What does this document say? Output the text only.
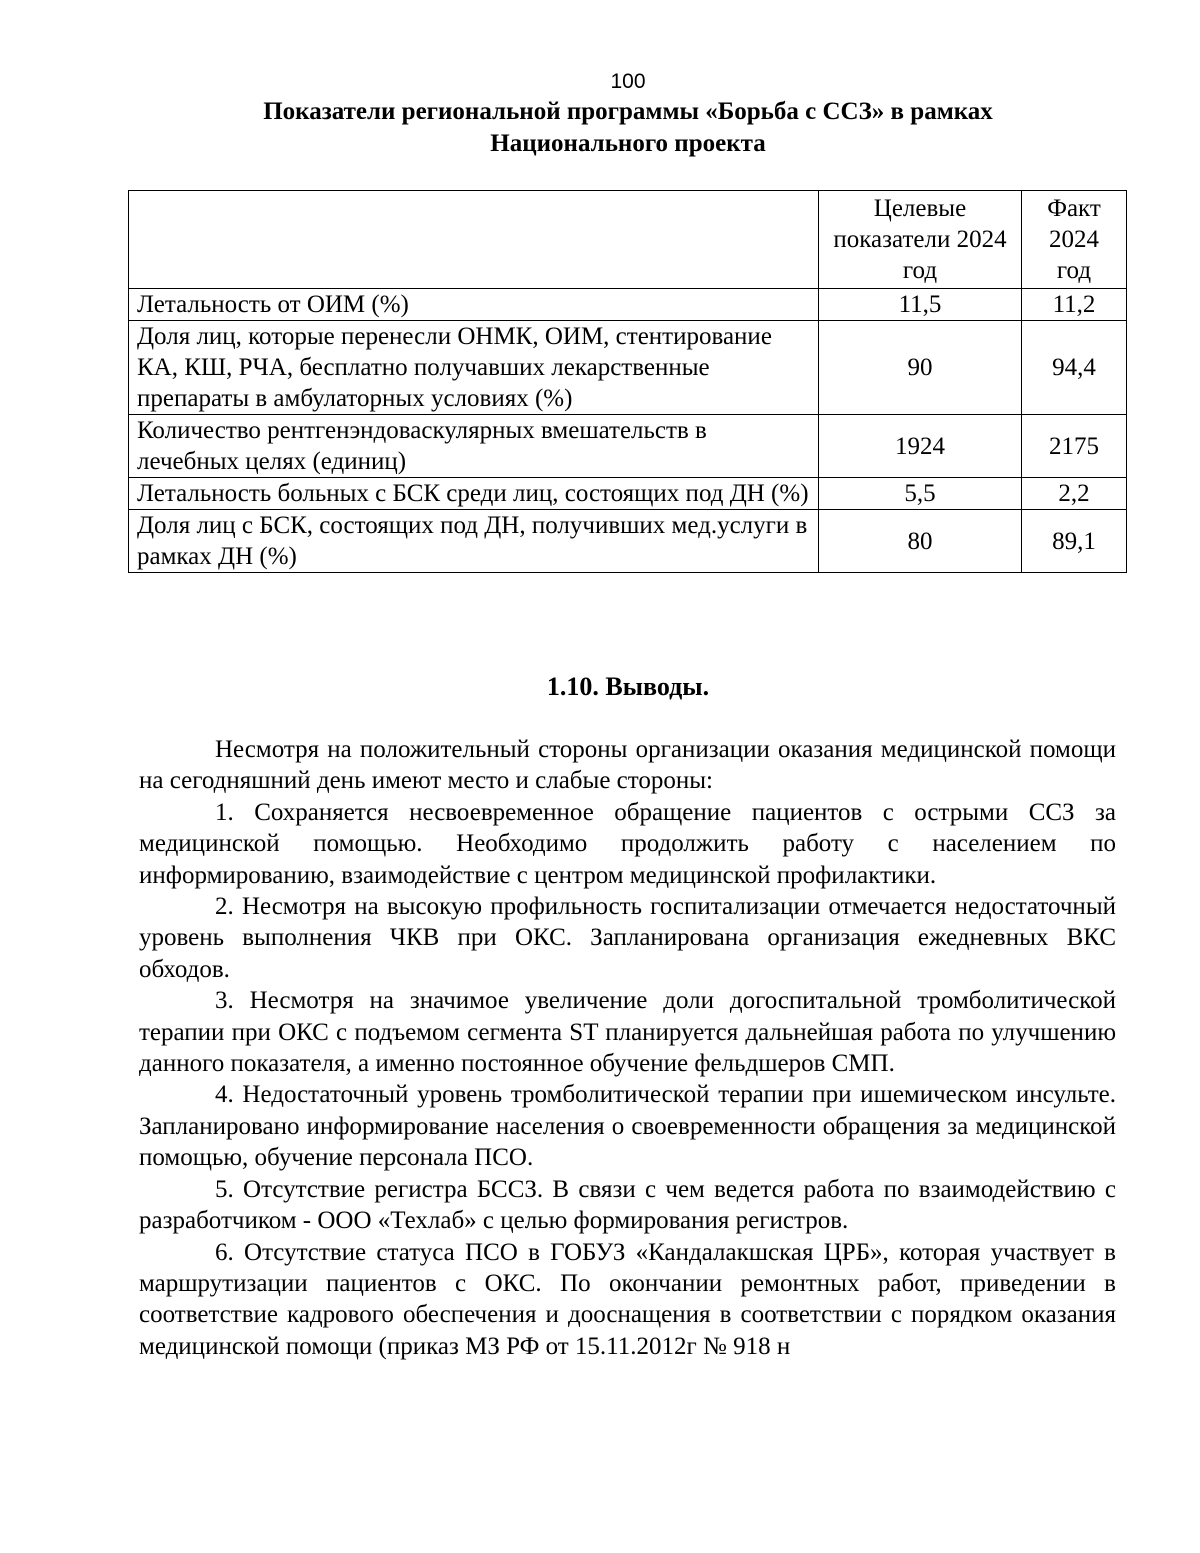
100
Показатели региональной программы «Борьба с ССЗ» в рамках
Национального проекта
	Целевые показатели 2024 год	Факт 2024 год
Летальность от ОИМ (%)	11,5	11,2
Доля лиц, которые перенесли ОНМК, ОИМ, стентирование КА, КШ, РЧА, бесплатно получавших лекарственные препараты в амбулаторных условиях (%)	90	94,4
Количество рентгенэндоваскулярных вмешательств в лечебных целях (единиц)	1924	2175
Летальность больных с БСК среди лиц, состоящих под ДН (%)	5,5	2,2
Доля лиц с БСК, состоящих под ДН, получивших мед.услуги в рамках ДН (%)	80	89,1
1.10. Выводы.

Несмотря на положительный стороны организации оказания медицинской помощи на сегодняшний день имеют место и слабые стороны:

1. Сохраняется несвоевременное обращение пациентов с острыми ССЗ за медицинской помощью. Необходимо продолжить работу с населением по информированию, взаимодействие с центром медицинской профилактики.

2. Несмотря на высокую профильность госпитализации отмечается недостаточный уровень выполнения ЧКВ при ОКС. Запланирована организация ежедневных ВКС обходов.

3. Несмотря на значимое увеличение доли догоспитальной тромболитической терапии при ОКС с подъемом сегмента ST планируется дальнейшая работа по улучшению данного показателя, а именно постоянное обучение фельдшеров СМП.

4. Недостаточный уровень тромболитической терапии при ишемическом инсульте. Запланировано информирование населения о своевременности обращения за медицинской помощью, обучение персонала ПСО.

5. Отсутствие регистра БССЗ. В связи с чем ведется работа по взаимодействию с разработчиком - ООО «Техлаб» с целью формирования регистров.

6. Отсутствие статуса ПСО в ГОБУЗ «Кандалакшская ЦРБ», которая участвует в маршрутизации пациентов с ОКС. По окончании ремонтных работ, приведении в соответствие кадрового обеспечения и дооснащения в соответствии с порядком оказания медицинской помощи (приказ МЗ РФ от 15.11.2012г № 918 н
